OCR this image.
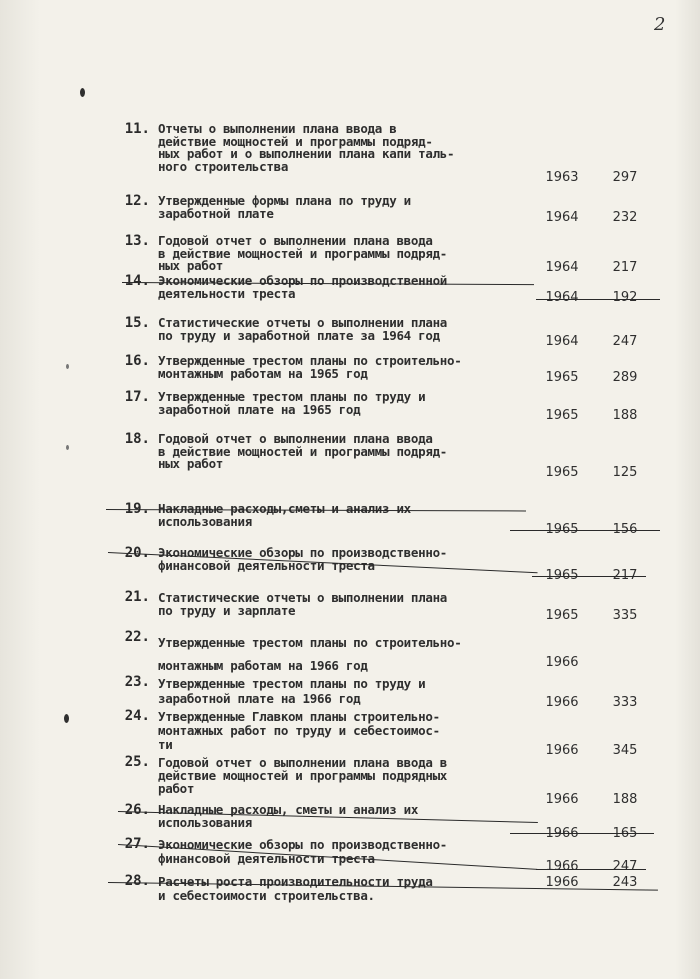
2
11. Отчеты о выполнении плана ввода в
действие мощностей и программы подряд-
ных работ и о выполнении плана капи таль-
ного строительства
1963	297
12. Утвержденные формы плана по труду и
заработной плате	1964	232
13. Годовой отчет о выполнении плана ввода
в действие мощностей и программы подряд-
ных работ	1964	217
14. Экономические обзоры по производственной
деятельности треста	1964	192
15. Статистические отчеты о выполнении плана
по труду и заработной плате за 1964 год	1964	247
16. Утвержденные трестом планы по строительно-
монтажным работам на 1965 год	1965	289
17. Утвержденные трестом планы по труду и
заработной плате на 1965 год	1965	188
18. Годовой отчет о выполнении плана ввода
в действие мощностей и программы подряд-
ных работ
1965	125
19. Накладные расходы,сметы и анализ их
использования
1965	156
20. Экономические обзоры по производственно-
финансовой деятельности треста
1965	217
21. Статистические отчеты о выполнении плана
по труду и зарплате	1965	335
22. Утвержденные трестом планы по строительно-
монтажным работам на 1966 год	1966
23. Утвержденные трестом планы по труду и
заработной плате на 1966 год	1966	333
24. Утвержденные Главком планы строительно-
монтажных работ по труду и себестоимос-
ти	1966	345
25. Годовой отчет о выполнении плана ввода в
действие мощностей и программы подрядных
работ
1966	188
26. Накладные расходы, сметы и анализ их
использования
1966	165
27. Экономические обзоры по производственно-
финансовой деятельности треста
1966	247
28. Расчеты роста производительности труда
и себестоимости строительства.
1966	243
